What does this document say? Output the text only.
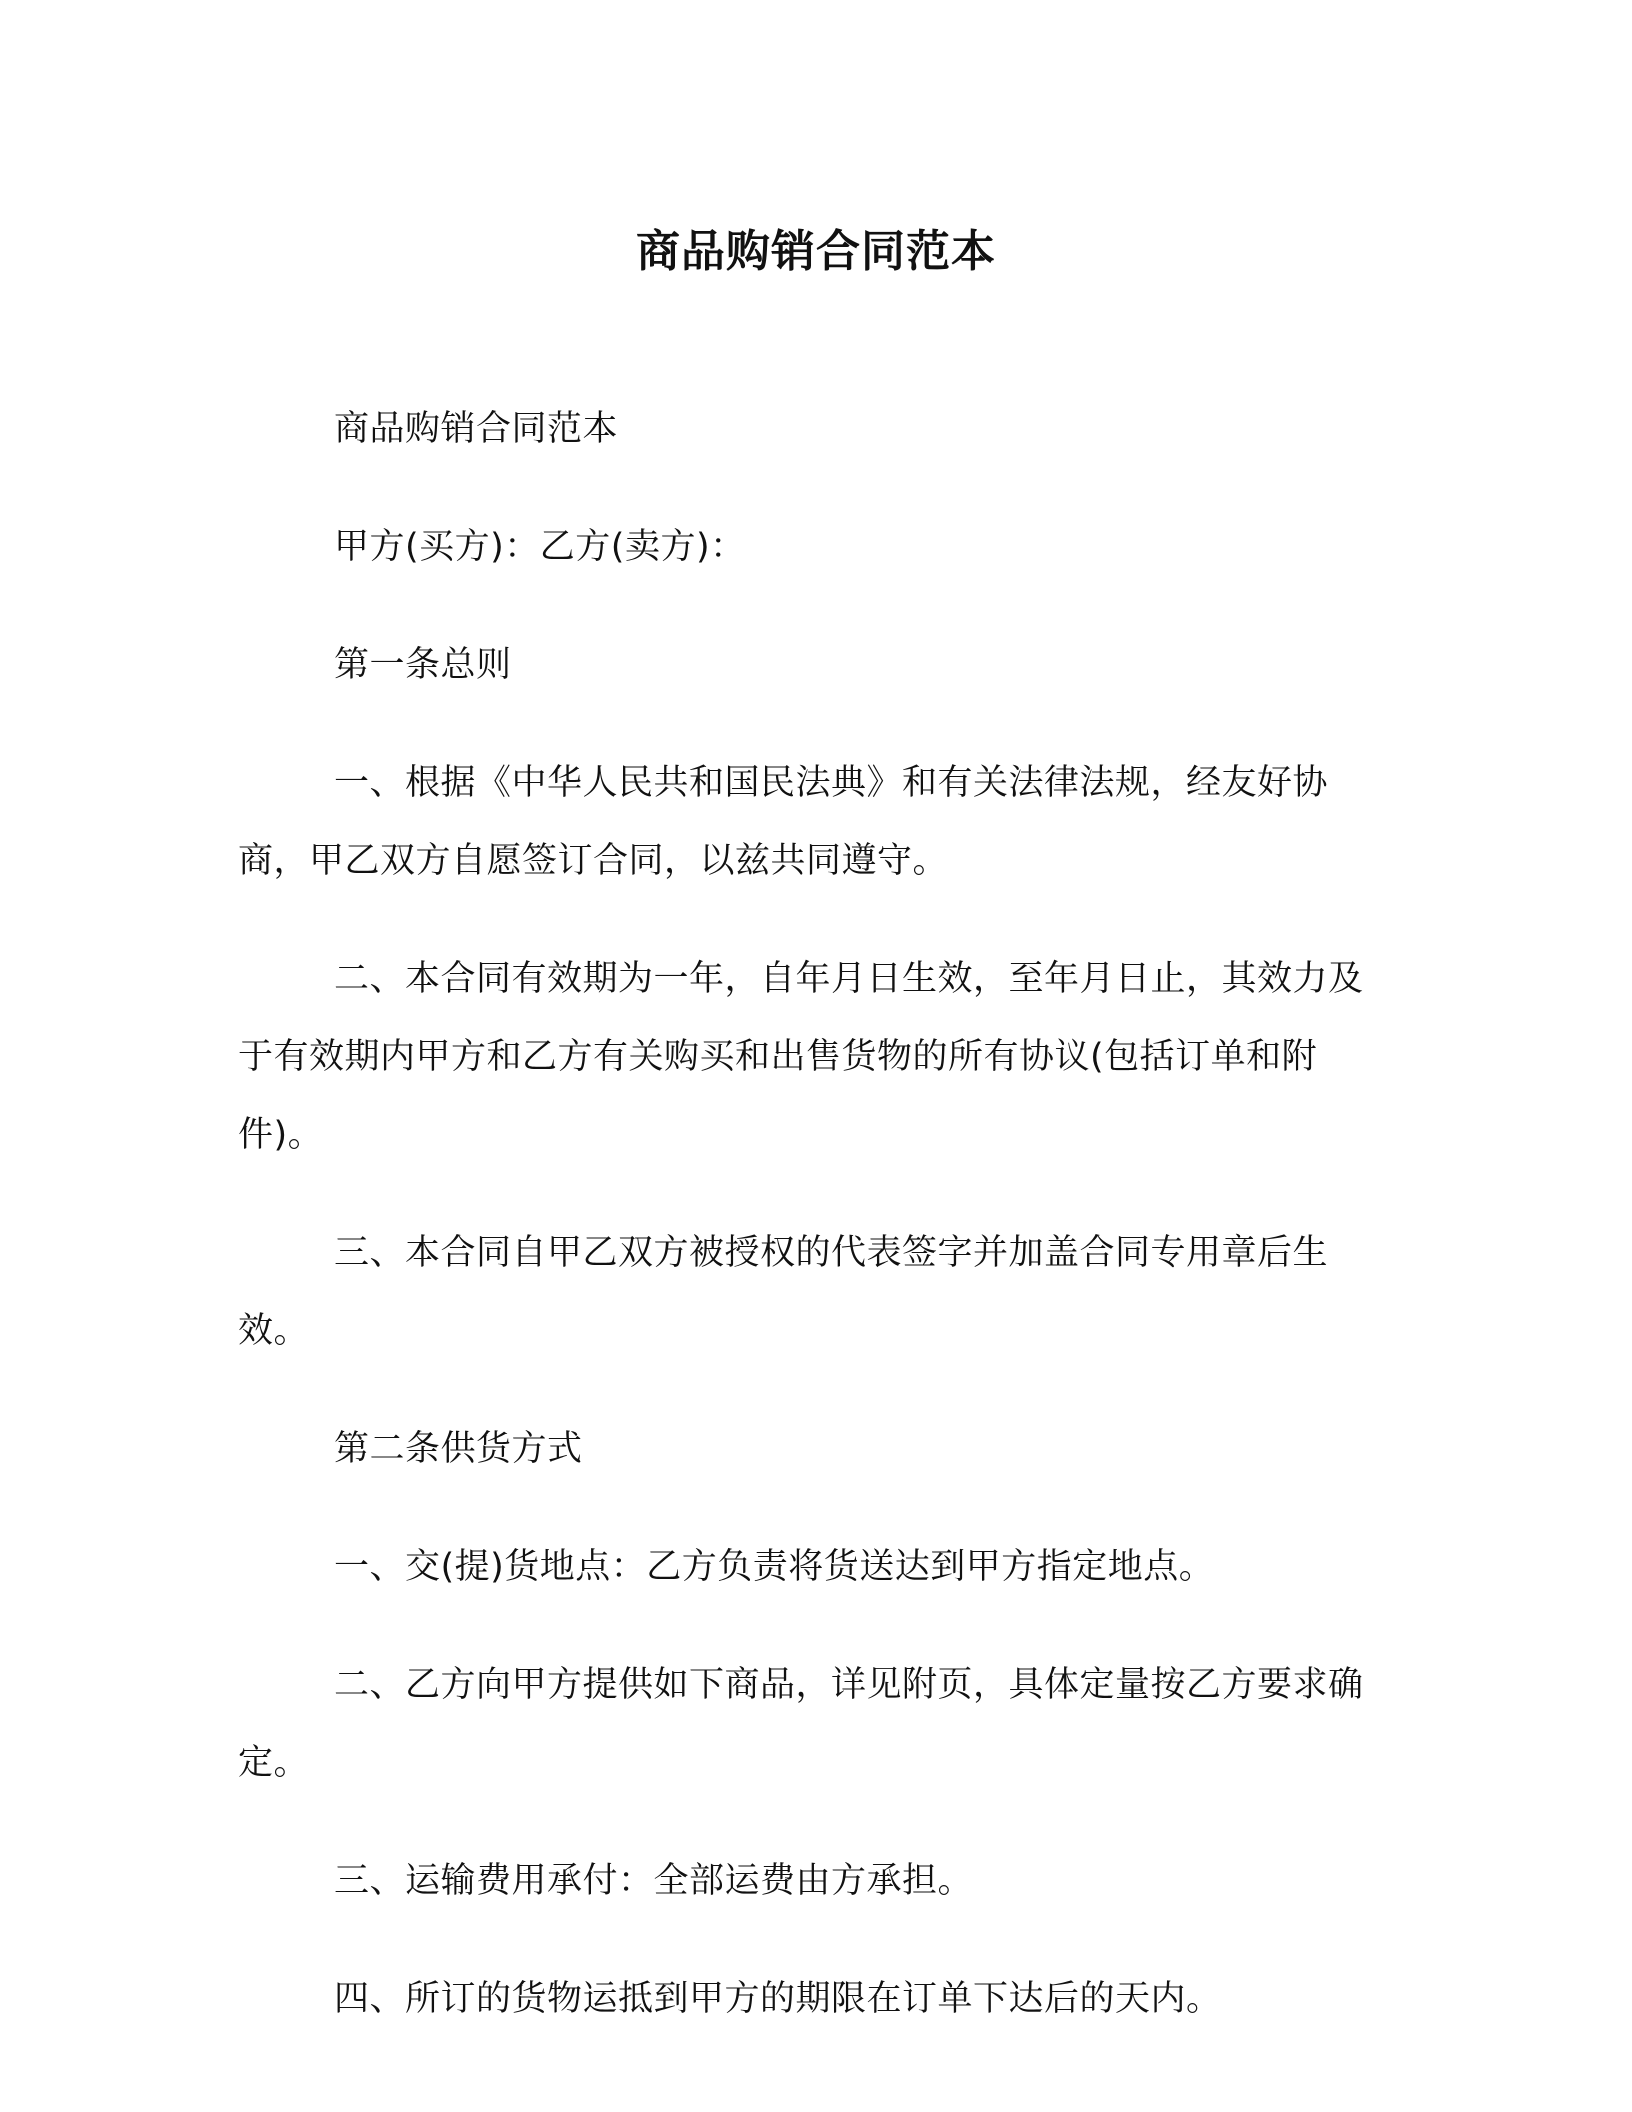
商品购销合同范本

商品购销合同范本

甲方(买方)：乙方(卖方)：

第一条总则

一、根据《中华人民共和国民法典》和有关法律法规，经友好协商，甲乙双方自愿签订合同，以兹共同遵守。

二、本合同有效期为一年，自年月日生效，至年月日止，其效力及于有效期内甲方和乙方有关购买和出售货物的所有协议(包括订单和附件)。

三、本合同自甲乙双方被授权的代表签字并加盖合同专用章后生效。

第二条供货方式

一、交(提)货地点：乙方负责将货送达到甲方指定地点。

二、乙方向甲方提供如下商品，详见附页，具体定量按乙方要求确定。

三、运输费用承付：全部运费由方承担。

四、所订的货物运抵到甲方的期限在订单下达后的天内。
